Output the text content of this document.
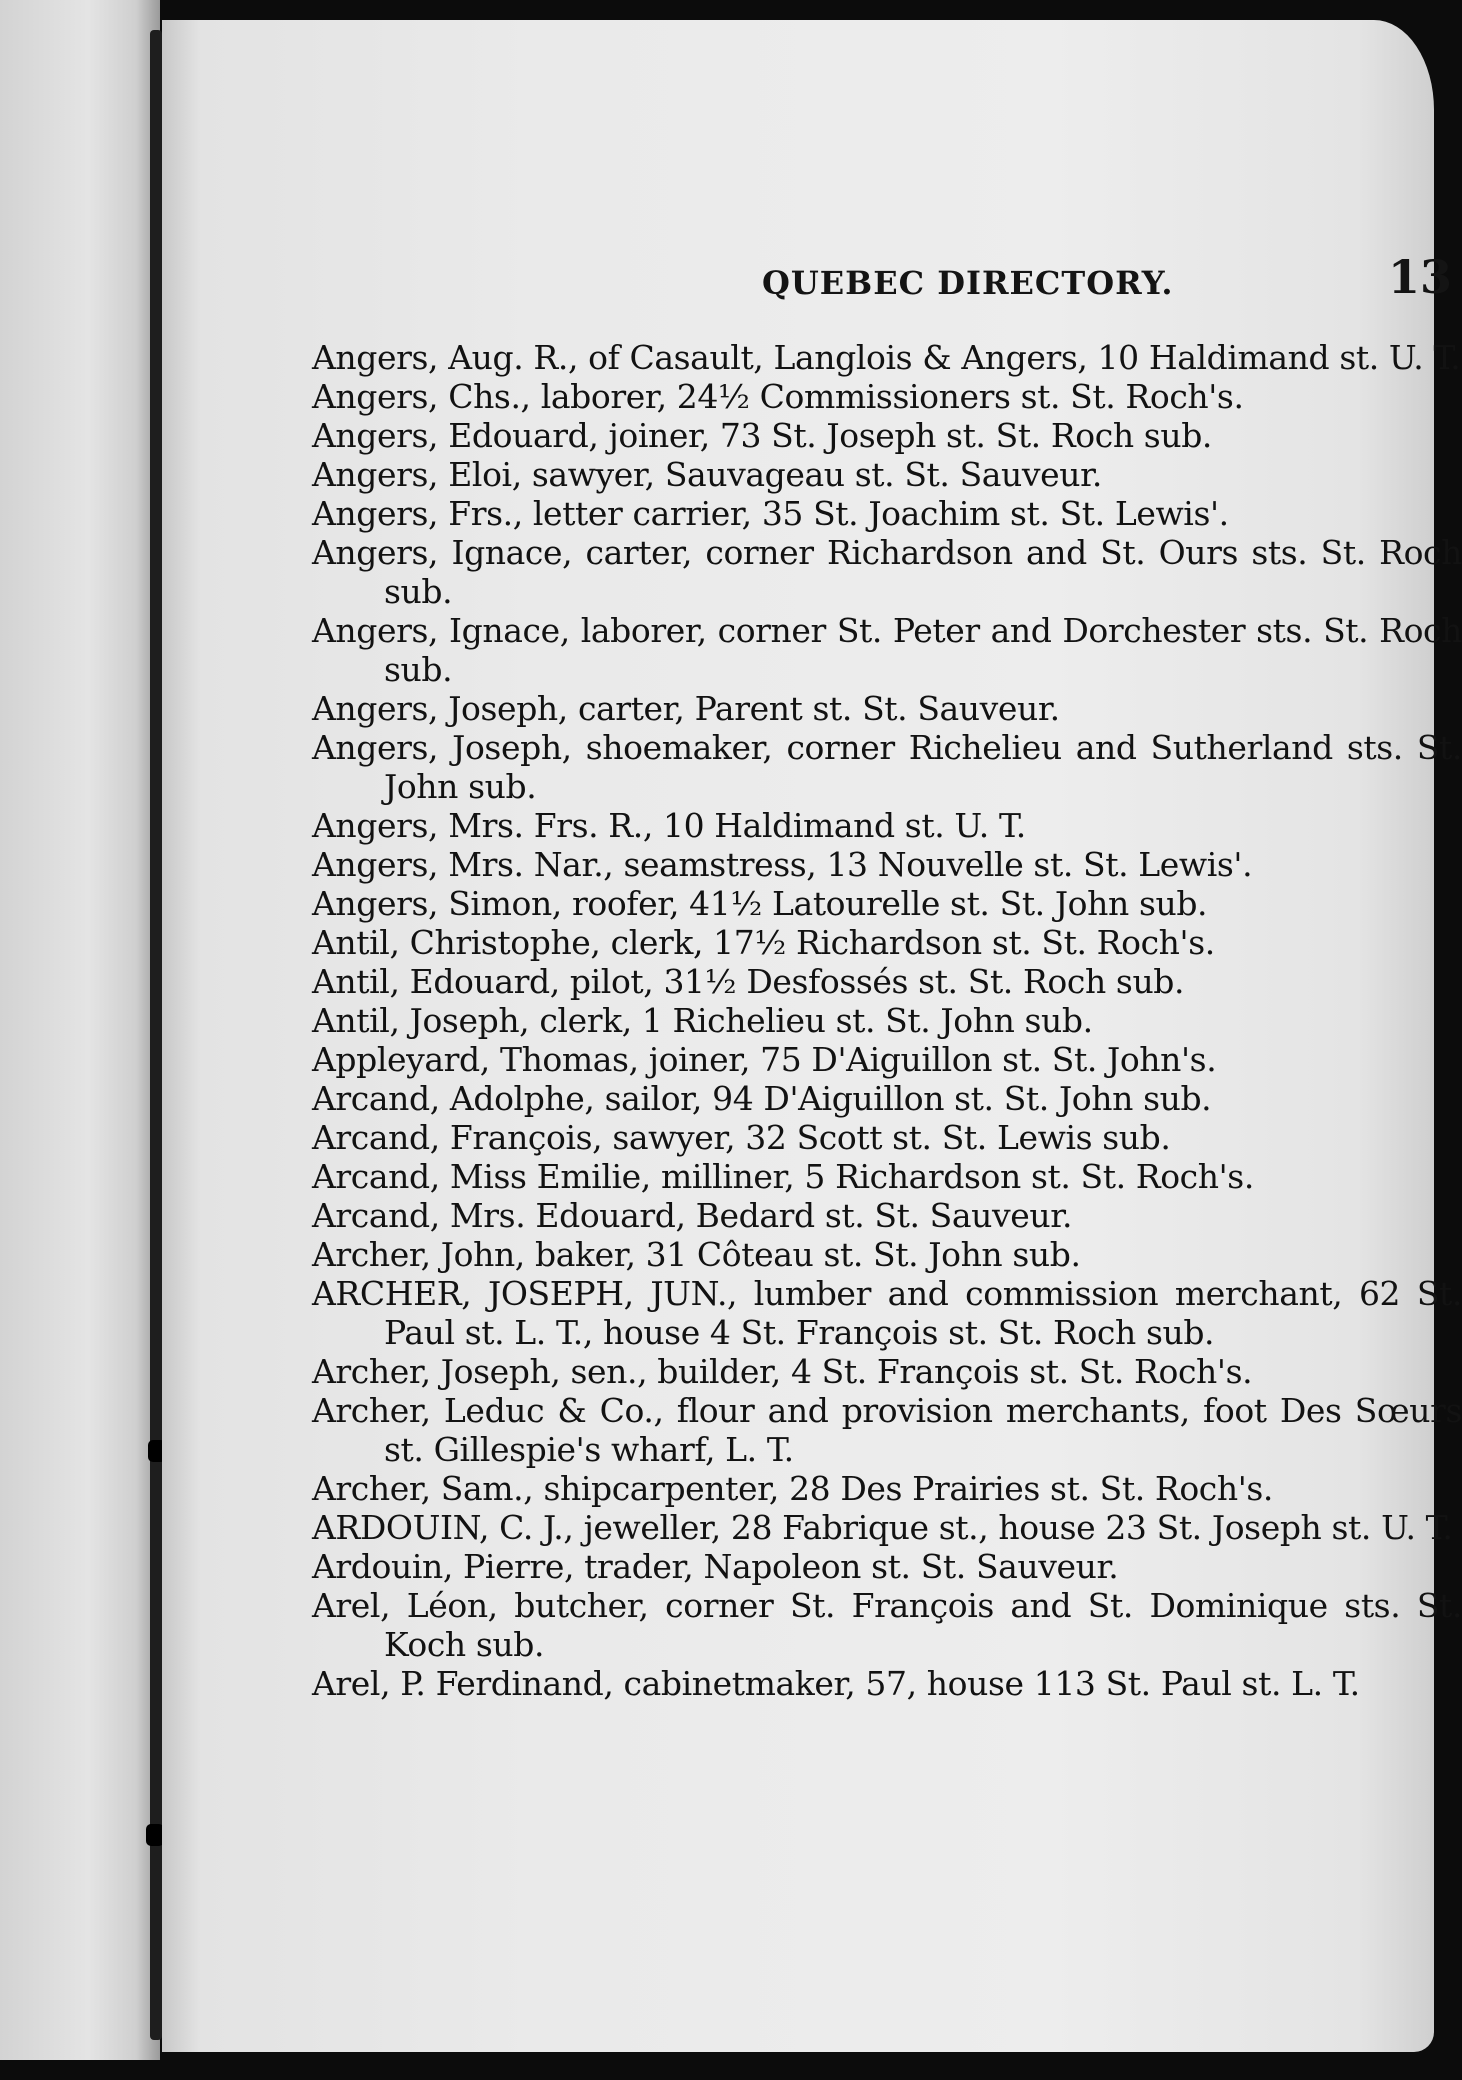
QUEBEC DIRECTORY.	13
Angers, Aug. R., of Casault, Langlois & Angers, 10 Haldimand st. U. T.
Angers, Chs., laborer, 24½ Commissioners st. St. Roch's.
Angers, Edouard, joiner, 73 St. Joseph st. St. Roch sub.
Angers, Eloi, sawyer, Sauvageau st. St. Sauveur.
Angers, Frs., letter carrier, 35 St. Joachim st. St. Lewis'.
Angers, Ignace, carter, corner Richardson and St. Ours sts. St. Roch sub.
Angers, Ignace, laborer, corner St. Peter and Dorchester sts. St. Roch sub.
Angers, Joseph, carter, Parent st. St. Sauveur.
Angers, Joseph, shoemaker, corner Richelieu and Sutherland sts. St. John sub.
Angers, Mrs. Frs. R., 10 Haldimand st. U. T.
Angers, Mrs. Nar., seamstress, 13 Nouvelle st. St. Lewis'.
Angers, Simon, roofer, 41½ Latourelle st. St. John sub.
Antil, Christophe, clerk, 17½ Richardson st. St. Roch's.
Antil, Edouard, pilot, 31½ Desfossés st. St. Roch sub.
Antil, Joseph, clerk, 1 Richelieu st. St. John sub.
Appleyard, Thomas, joiner, 75 D'Aiguillon st. St. John's.
Arcand, Adolphe, sailor, 94 D'Aiguillon st. St. John sub.
Arcand, François, sawyer, 32 Scott st. St. Lewis sub.
Arcand, Miss Emilie, milliner, 5 Richardson st. St. Roch's.
Arcand, Mrs. Edouard, Bedard st. St. Sauveur.
Archer, John, baker, 31 Côteau st. St. John sub.
ARCHER, JOSEPH, JUN., lumber and commission merchant, 62 St. Paul st. L. T., house 4 St. François st. St. Roch sub.
Archer, Joseph, sen., builder, 4 St. François st. St. Roch's.
Archer, Leduc & Co., flour and provision merchants, foot Des Sœurs st. Gillespie's wharf, L. T.
Archer, Sam., shipcarpenter, 28 Des Prairies st. St. Roch's.
ARDOUIN, C. J., jeweller, 28 Fabrique st., house 23 St. Joseph st. U. T.
Ardouin, Pierre, trader, Napoleon st. St. Sauveur.
Arel, Léon, butcher, corner St. François and St. Dominique sts. St. Koch sub.
Arel, P. Ferdinand, cabinetmaker, 57, house 113 St. Paul st. L. T.
